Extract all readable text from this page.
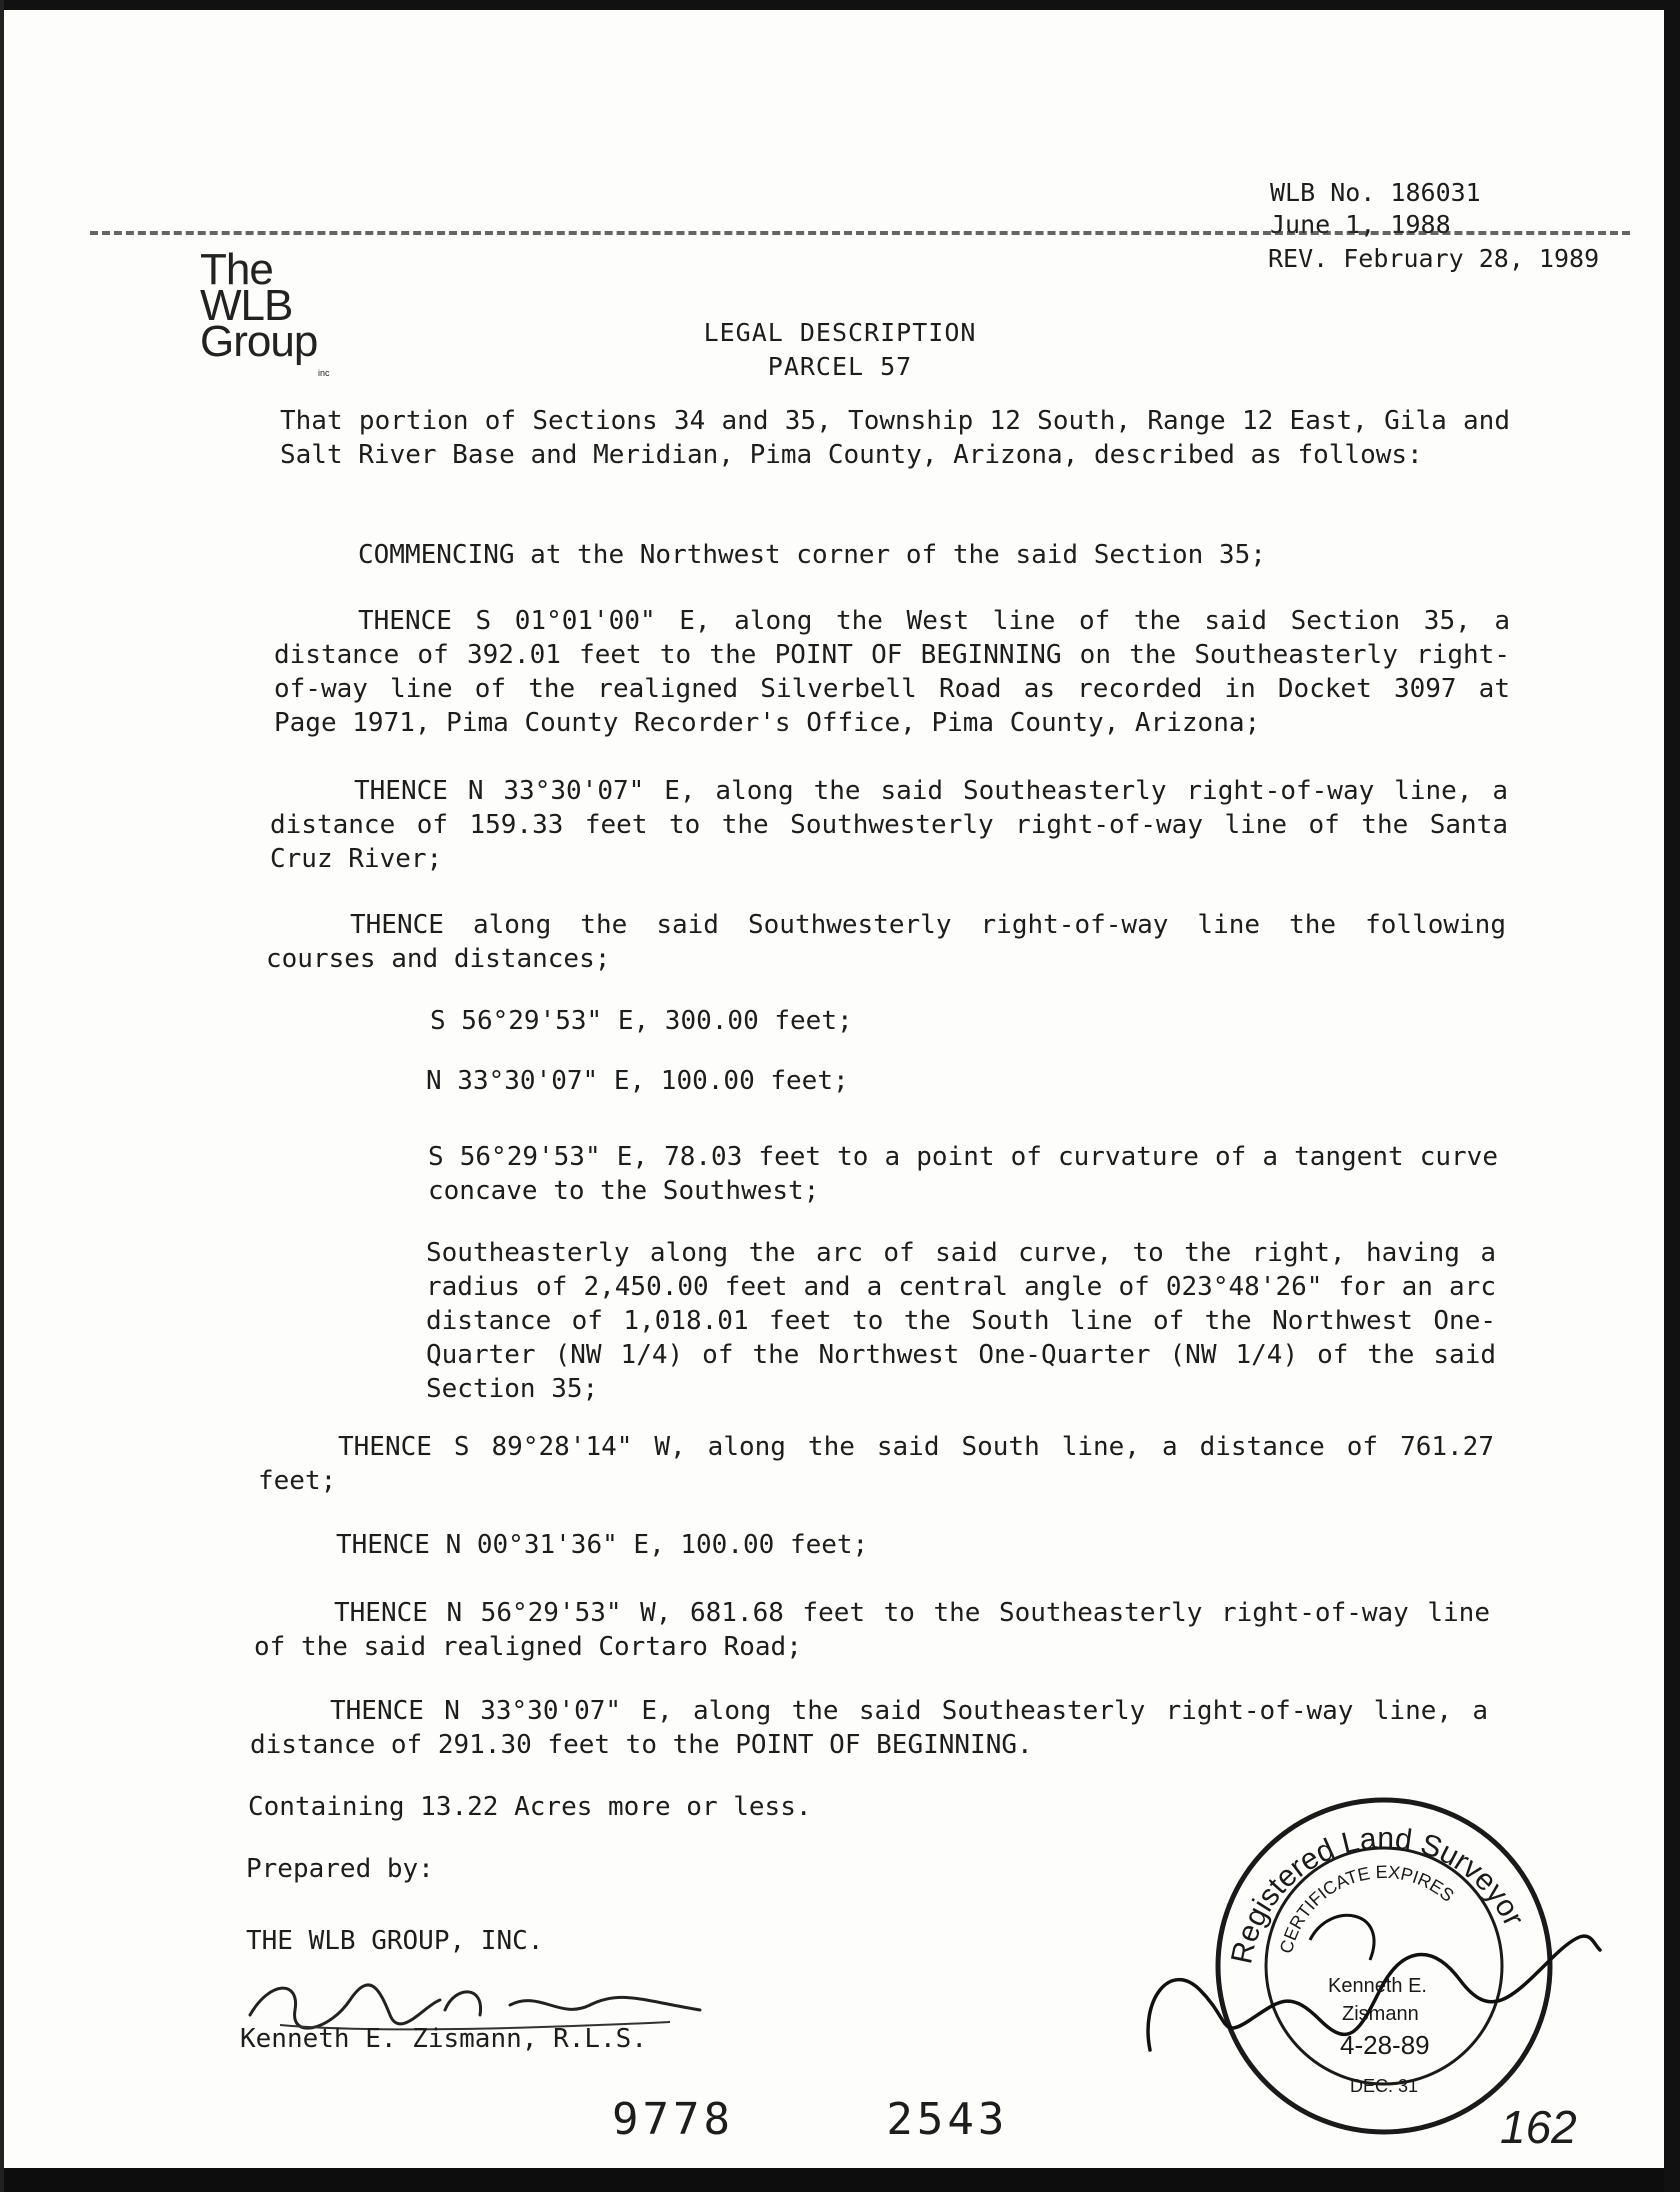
WLB No. 186031
June 1, 1988
REV. February 28, 1989
The
WLB
Group
inc
LEGAL DESCRIPTION
PARCEL 57
That portion of Sections 34 and 35, Township 12 South, Range 12 East, Gila and Salt River Base and Meridian, Pima County, Arizona, described as follows:
COMMENCING at the Northwest corner of the said Section 35;
THENCE S 01°01'00" E, along the West line of the said Section 35, a distance of 392.01 feet to the POINT OF BEGINNING on the Southeasterly right-of-way line of the realigned Silverbell Road as recorded in Docket 3097 at Page 1971, Pima County Recorder's Office, Pima County, Arizona;
THENCE N 33°30'07" E, along the said Southeasterly right-of-way line, a distance of 159.33 feet to the Southwesterly right-of-way line of the Santa Cruz River;
THENCE along the said Southwesterly right-of-way line the following courses and distances;
S 56°29'53" E, 300.00 feet;
N 33°30'07" E, 100.00 feet;
S 56°29'53" E, 78.03 feet to a point of curvature of a tangent curve concave to the Southwest;
Southeasterly along the arc of said curve, to the right, having a radius of 2,450.00 feet and a central angle of 023°48'26" for an arc distance of 1,018.01 feet to the South line of the Northwest One-Quarter (NW 1/4) of the Northwest One-Quarter (NW 1/4) of the said Section 35;
THENCE S 89°28'14" W, along the said South line, a distance of 761.27 feet;
THENCE N 00°31'36" E, 100.00 feet;
THENCE N 56°29'53" W, 681.68 feet to the Southeasterly right-of-way line of the said realigned Cortaro Road;
THENCE N 33°30'07" E, along the said Southeasterly right-of-way line, a distance of 291.30 feet to the POINT OF BEGINNING.
Containing 13.22 Acres more or less.
Prepared by:
THE WLB GROUP, INC.
Kenneth E. Zismann, R.L.S.
Registered Land Surveyor
CERTIFICATE EXPIRES
Kenneth E.
Zismann
4-28-89
DEC. 31
9778	2543	162
